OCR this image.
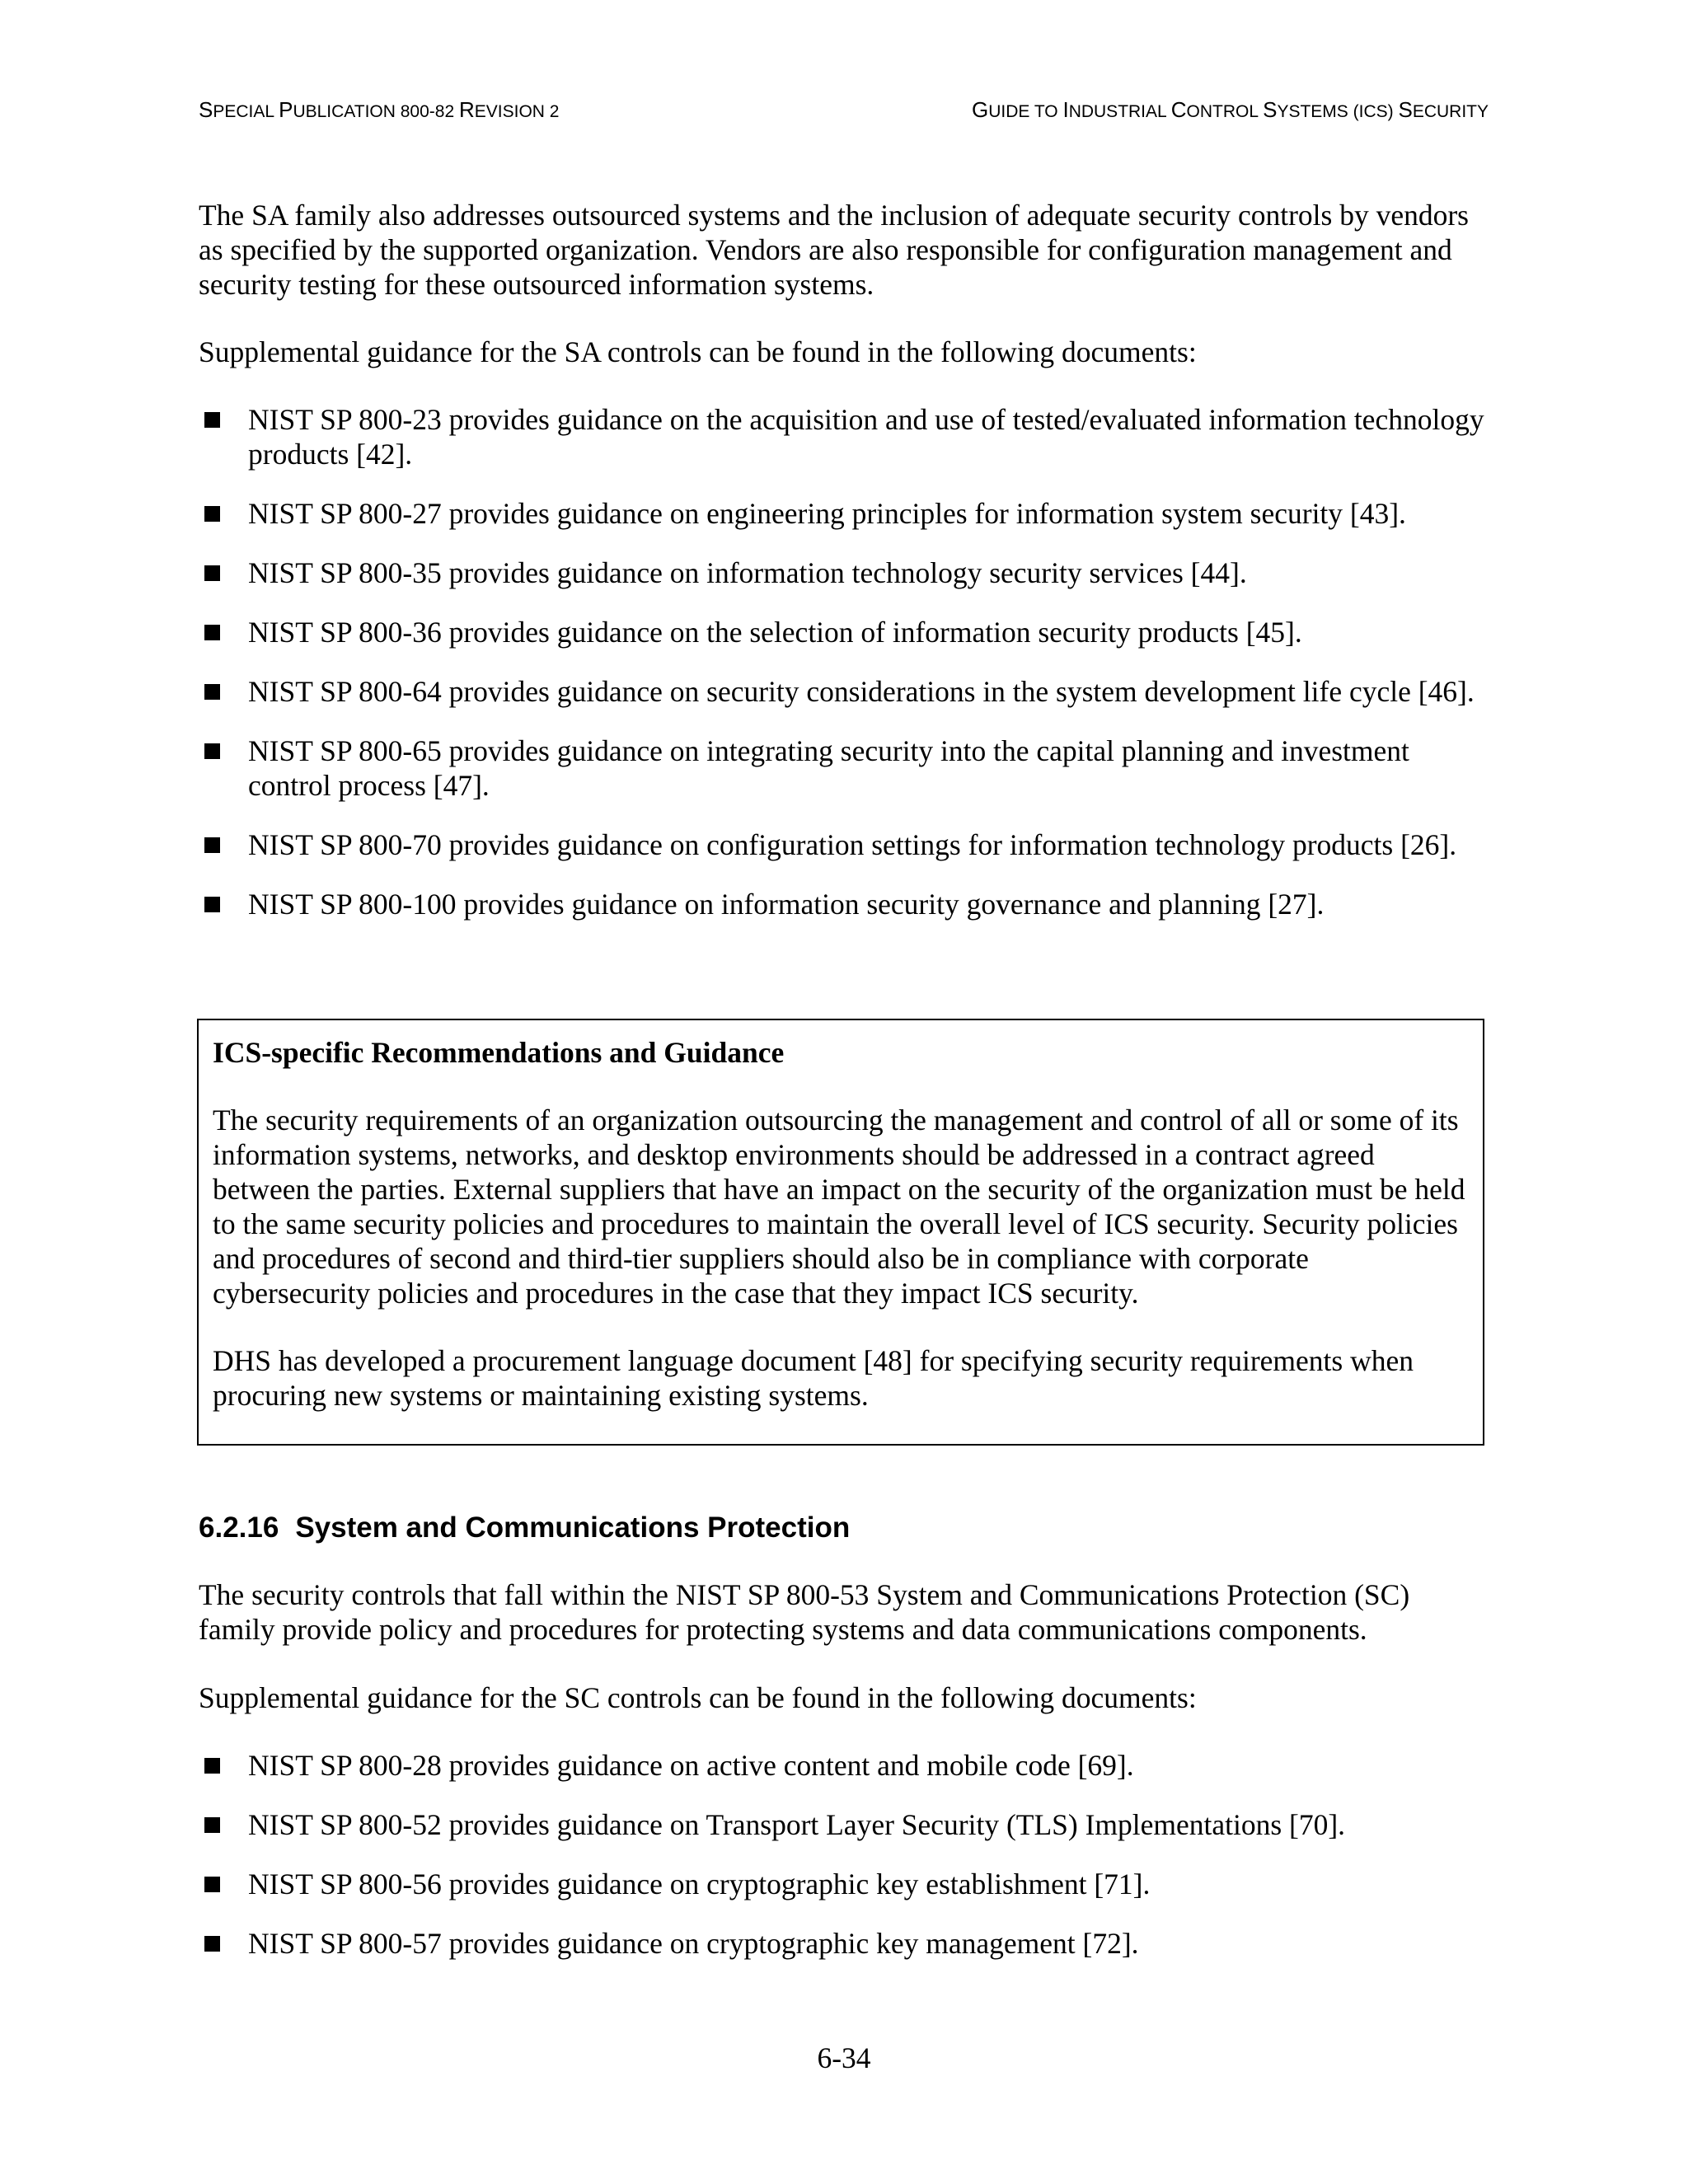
SPECIAL PUBLICATION 800-82 REVISION 2	GUIDE TO INDUSTRIAL CONTROL SYSTEMS (ICS) SECURITY

The SA family also addresses outsourced systems and the inclusion of adequate security controls by vendors as specified by the supported organization. Vendors are also responsible for configuration management and security testing for these outsourced information systems.

Supplemental guidance for the SA controls can be found in the following documents:

NIST SP 800-23 provides guidance on the acquisition and use of tested/evaluated information technology products [42].
NIST SP 800-27 provides guidance on engineering principles for information system security [43].
NIST SP 800-35 provides guidance on information technology security services [44].
NIST SP 800-36 provides guidance on the selection of information security products [45].
NIST SP 800-64 provides guidance on security considerations in the system development life cycle [46].
NIST SP 800-65 provides guidance on integrating security into the capital planning and investment control process [47].
NIST SP 800-70 provides guidance on configuration settings for information technology products [26].
NIST SP 800-100 provides guidance on information security governance and planning [27].

ICS-specific Recommendations and Guidance

The security requirements of an organization outsourcing the management and control of all or some of its information systems, networks, and desktop environments should be addressed in a contract agreed between the parties. External suppliers that have an impact on the security of the organization must be held to the same security policies and procedures to maintain the overall level of ICS security. Security policies and procedures of second and third-tier suppliers should also be in compliance with corporate cybersecurity policies and procedures in the case that they impact ICS security.

DHS has developed a procurement language document [48] for specifying security requirements when procuring new systems or maintaining existing systems.

6.2.16 System and Communications Protection

The security controls that fall within the NIST SP 800-53 System and Communications Protection (SC) family provide policy and procedures for protecting systems and data communications components.

Supplemental guidance for the SC controls can be found in the following documents:

NIST SP 800-28 provides guidance on active content and mobile code [69].
NIST SP 800-52 provides guidance on Transport Layer Security (TLS) Implementations [70].
NIST SP 800-56 provides guidance on cryptographic key establishment [71].
NIST SP 800-57 provides guidance on cryptographic key management [72].
6-34
